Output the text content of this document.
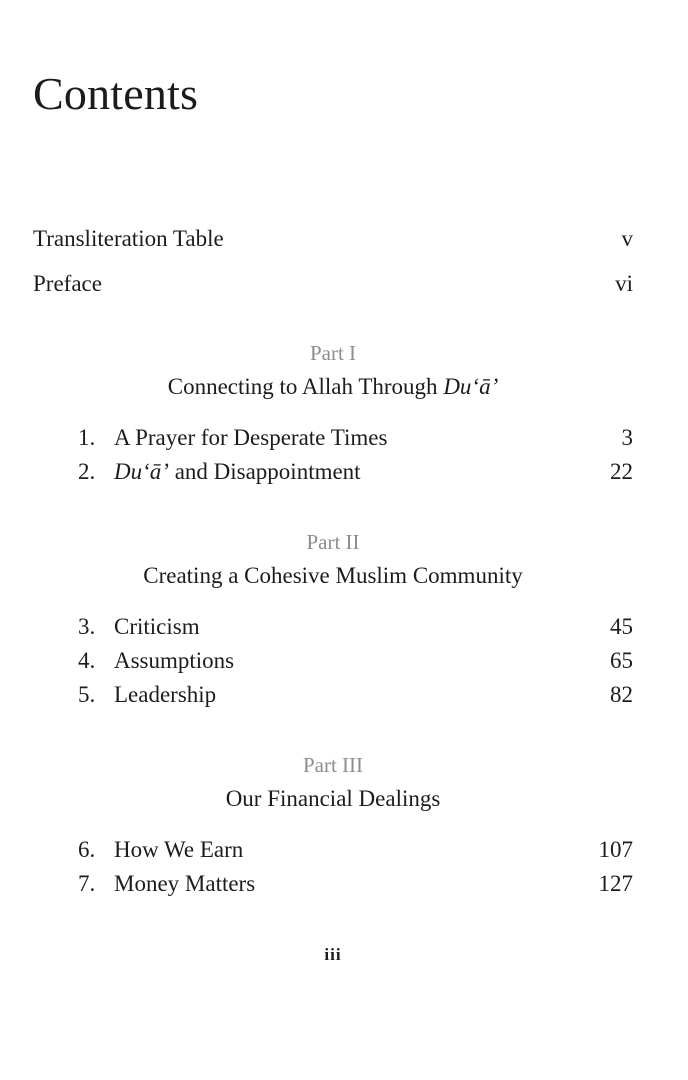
Contents
Transliteration Table	v
Preface	vi
Part I
Connecting to Allah Through Du‘ā’
1. A Prayer for Desperate Times	3
2. Du‘ā’ and Disappointment	22
Part II
Creating a Cohesive Muslim Community
3. Criticism	45
4. Assumptions	65
5. Leadership	82
Part III
Our Financial Dealings
6. How We Earn	107
7. Money Matters	127
iii
